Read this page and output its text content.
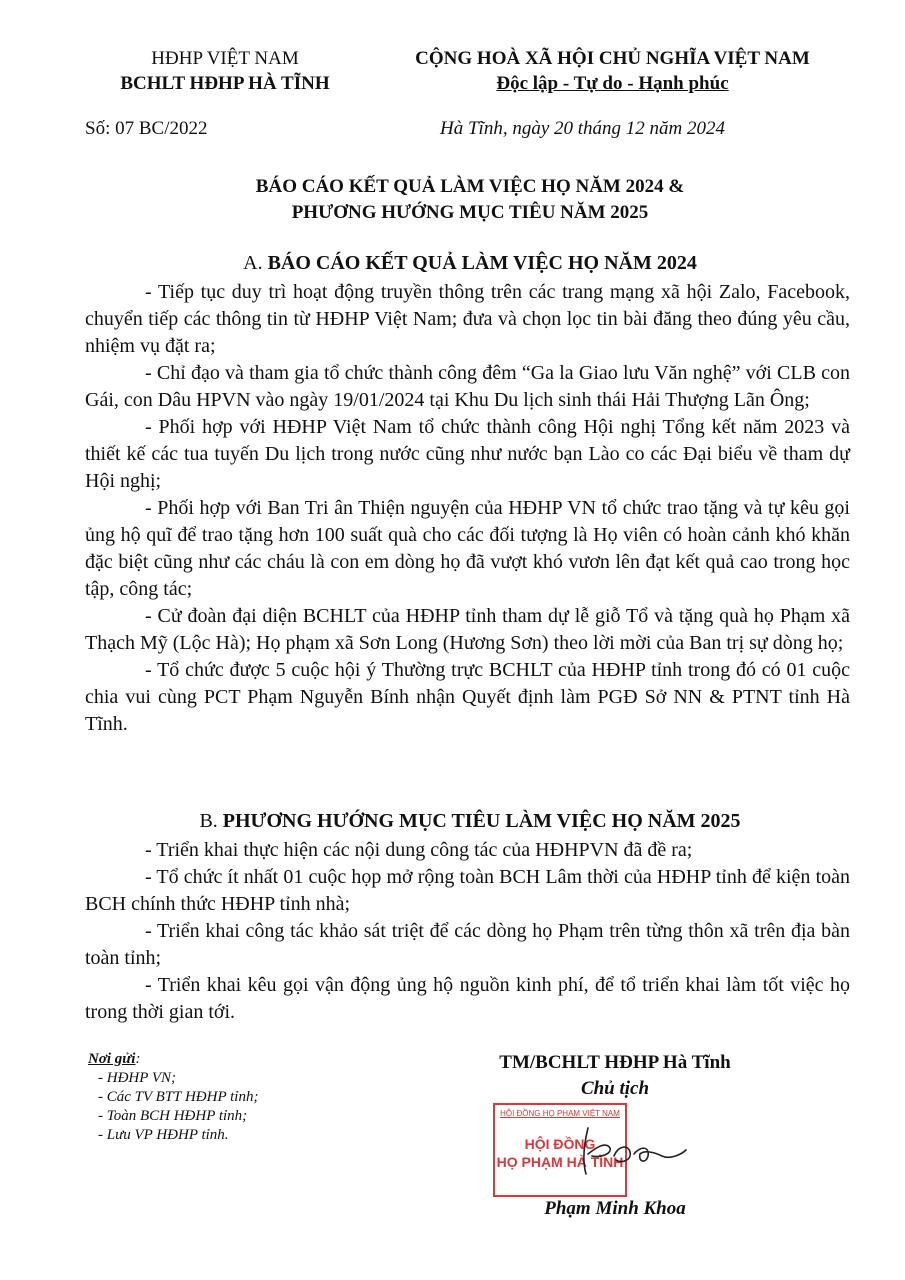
HĐHP VIỆT NAM
BCHLT HĐHP HÀ TĨNH
CỘNG HOÀ XÃ HỘI CHỦ NGHĨA VIỆT NAM
Độc lập - Tự do - Hạnh phúc
Số: 07 BC/2022	Hà Tĩnh, ngày 20 tháng 12 năm 2024
BÁO CÁO KẾT QUẢ LÀM VIỆC HỌ NĂM 2024 &
PHƯƠNG HƯỚNG MỤC TIÊU NĂM 2025
A. BÁO CÁO KẾT QUẢ LÀM VIỆC HỌ NĂM 2024

- Tiếp tục duy trì hoạt động truyền thông trên các trang mạng xã hội Zalo, Facebook, chuyển tiếp các thông tin từ HĐHP Việt Nam; đưa và chọn lọc tin bài đăng theo đúng yêu cầu, nhiệm vụ đặt ra;

- Chỉ đạo và tham gia tổ chức thành công đêm “Ga la Giao lưu Văn nghệ” với CLB con Gái, con Dâu HPVN vào ngày 19/01/2024 tại Khu Du lịch sinh thái Hải Thượng Lãn Ông;

- Phối hợp với HĐHP Việt Nam tổ chức thành công Hội nghị Tổng kết năm 2023 và thiết kế các tua tuyến Du lịch trong nước cũng như nước bạn Lào co các Đại biểu về tham dự Hội nghị;

- Phối hợp với Ban Tri ân Thiện nguyện của HĐHP VN tổ chức trao tặng và tự kêu gọi ủng hộ quĩ để trao tặng hơn 100 suất quà cho các đối tượng là Họ viên có hoàn cảnh khó khăn đặc biệt cũng như các cháu là con em dòng họ đã vượt khó vươn lên đạt kết quả cao trong học tập, công tác;

- Cử đoàn đại diện BCHLT của HĐHP tỉnh tham dự lễ giỗ Tổ và tặng quà họ Phạm xã Thạch Mỹ (Lộc Hà); Họ phạm xã Sơn Long (Hương Sơn) theo lời mời của Ban trị sự dòng họ;

- Tổ chức được 5 cuộc hội ý Thường trực BCHLT của HĐHP tỉnh trong đó có 01 cuộc chia vui cùng PCT Phạm Nguyễn Bính nhận Quyết định làm PGĐ Sở NN & PTNT tỉnh Hà Tĩnh.

B. PHƯƠNG HƯỚNG MỤC TIÊU LÀM VIỆC HỌ NĂM 2025

- Triển khai thực hiện các nội dung công tác của HĐHPVN đã đề ra;

- Tổ chức ít nhất 01 cuộc họp mở rộng toàn BCH Lâm thời của HĐHP tỉnh để kiện toàn BCH chính thức HĐHP tỉnh nhà;

- Triển khai công tác khảo sát triệt để các dòng họ Phạm trên từng thôn xã trên địa bàn toàn tỉnh;

- Triển khai kêu gọi vận động ủng hộ nguồn kinh phí, để tổ triển khai làm tốt việc họ trong thời gian tới.

Nơi gửi:
- HĐHP VN;
- Các TV BTT HĐHP tỉnh;
- Toàn BCH HĐHP tỉnh;
- Lưu VP HĐHP tỉnh.
TM/BCHLT HĐHP Hà Tĩnh
Chủ tịch
HỘI ĐỒNG HỌ PHẠM VIỆT NAM
HỘI ĐỒNG
HỌ PHẠM HÀ TĨNH
Phạm Minh Khoa
